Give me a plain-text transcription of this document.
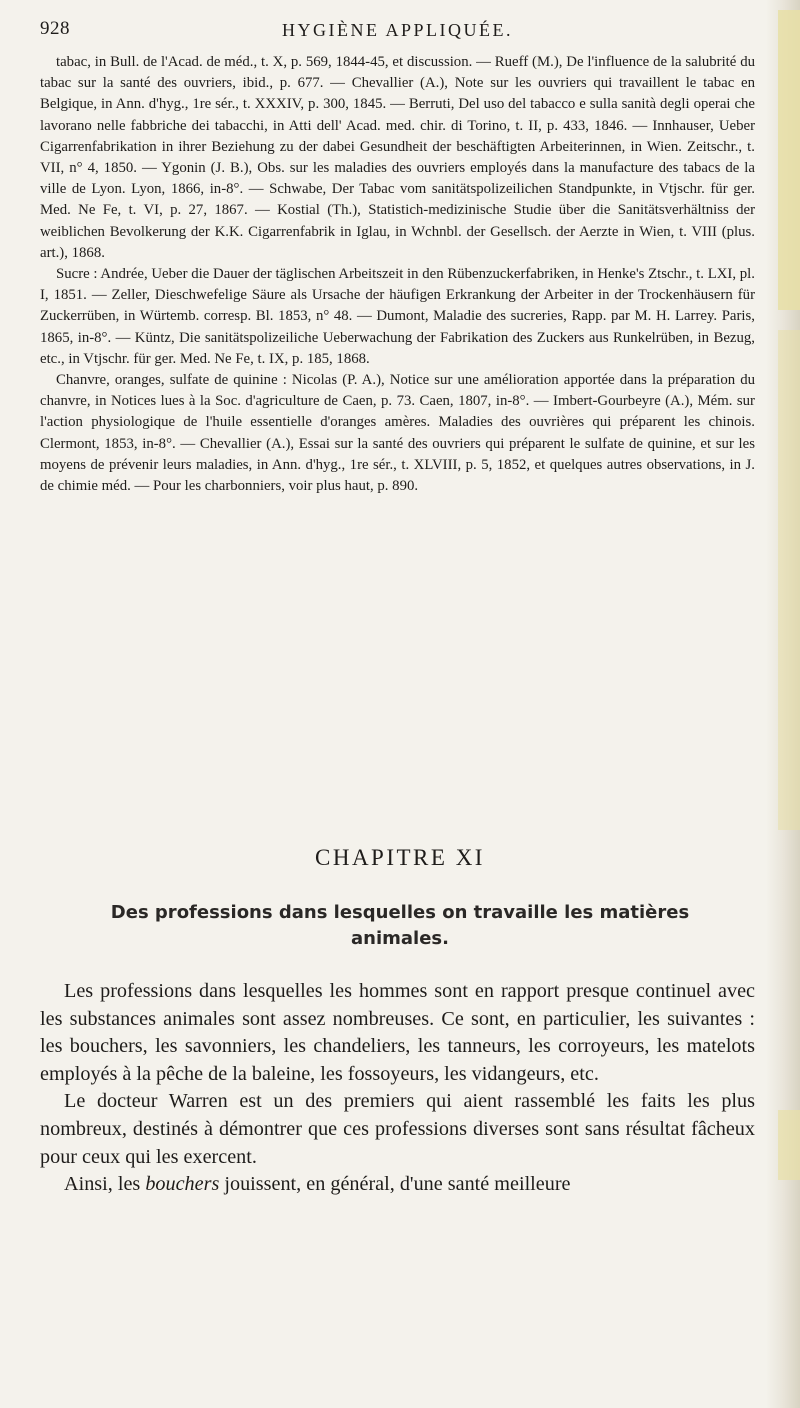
928	HYGIÈNE APPLIQUÉE.

tabac, in Bull. de l'Acad. de méd., t. X, p. 569, 1844-45, et discussion. — Rueff (M.), De l'influence de la salubrité du tabac sur la santé des ouvriers, ibid., p. 677. — Chevallier (A.), Note sur les ouvriers qui travaillent le tabac en Belgique, in Ann. d'hyg., 1re sér., t. XXXIV, p. 300, 1845. — Berruti, Del uso del tabacco e sulla sanità degli operai che lavorano nelle fabbriche dei tabacchi, in Atti dell' Acad. med. chir. di Torino, t. II, p. 433, 1846. — Innhauser, Ueber Cigarrenfabrikation in ihrer Beziehung zu der dabei Gesundheit der beschäftigten Arbeiterinnen, in Wien. Zeitschr., t. VII, n° 4, 1850. — Ygonin (J. B.), Obs. sur les maladies des ouvriers employés dans la manufacture des tabacs de la ville de Lyon. Lyon, 1866, in-8°. — Schwabe, Der Tabac vom sanitätspolizeilichen Standpunkte, in Vtjschr. für ger. Med. Ne Fe, t. VI, p. 27, 1867. — Kostial (Th.), Statistich-medizinische Studie über die Sanitätsverhältniss der weiblichen Bevolkerung der K.K. Cigarrenfabrik in Iglau, in Wchnbl. der Gesellsch. der Aerzte in Wien, t. VIII (plus. art.), 1868.

Sucre : Andrée, Ueber die Dauer der täglischen Arbeitszeit in den Rübenzuckerfabriken, in Henke's Ztschr., t. LXI, pl. I, 1851. — Zeller, Dieschwefelige Säure als Ursache der häufigen Erkrankung der Arbeiter in der Trockenhäusern für Zuckerrüben, in Würtemb. corresp. Bl. 1853, n° 48. — Dumont, Maladie des sucreries, Rapp. par M. H. Larrey. Paris, 1865, in-8°. — Küntz, Die sanitätspolizeiliche Ueberwachung der Fabrikation des Zuckers aus Runkelrüben, in Bezug, etc., in Vtjschr. für ger. Med. Ne Fe, t. IX, p. 185, 1868.

Chanvre, oranges, sulfate de quinine : Nicolas (P. A.), Notice sur une amélioration apportée dans la préparation du chanvre, in Notices lues à la Soc. d'agriculture de Caen, p. 73. Caen, 1807, in-8°. — Imbert-Gourbeyre (A.), Mém. sur l'action physiologique de l'huile essentielle d'oranges amères. Maladies des ouvrières qui préparent les chinois. Clermont, 1853, in-8°. — Chevallier (A.), Essai sur la santé des ouvriers qui préparent le sulfate de quinine, et sur les moyens de prévenir leurs maladies, in Ann. d'hyg., 1re sér., t. XLVIII, p. 5, 1852, et quelques autres observations, in J. de chimie méd. — Pour les charbonniers, voir plus haut, p. 890.

CHAPITRE XI
Des professions dans lesquelles on travaille les matières animales.

Les professions dans lesquelles les hommes sont en rapport presque continuel avec les substances animales sont assez nombreuses. Ce sont, en particulier, les suivantes : les bouchers, les savonniers, les chandeliers, les tanneurs, les corroyeurs, les matelots employés à la pêche de la baleine, les fossoyeurs, les vidangeurs, etc.

Le docteur Warren est un des premiers qui aient rassemblé les faits les plus nombreux, destinés à démontrer que ces professions diverses sont sans résultat fâcheux pour ceux qui les exercent.

Ainsi, les bouchers jouissent, en général, d'une santé meilleure
